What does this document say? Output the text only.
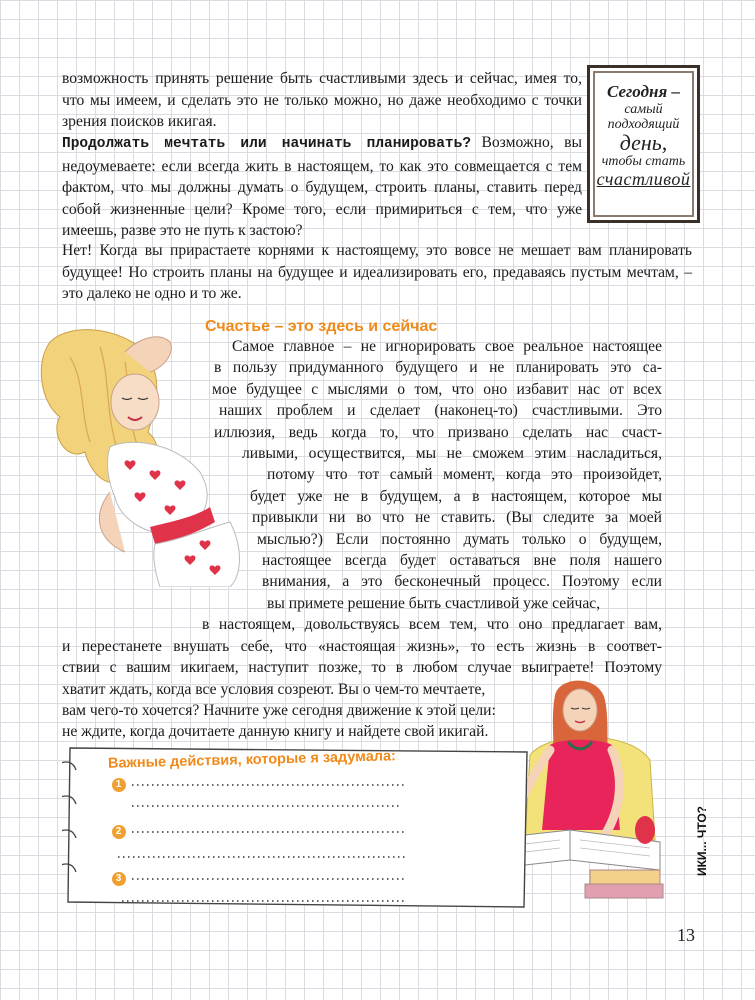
возможность принять решение быть счастливыми здесь и сейчас, имея то, что мы имеем, и сделать это не только можно, но даже необходимо с точки зрения поисков икигая.

Продолжать мечтать или начинать планировать? Возможно, вы недоумеваете: если всегда жить в настоящем, то как это совмещается с тем фактом, что мы должны думать о будущем, строить планы, ставить перед собой жизненные цели? Кроме того, если примириться с тем, что уже имеешь, разве это не путь к застою?

Нет! Когда вы прирастаете корнями к настоящему, это вовсе не мешает вам планировать будущее! Но строить планы на будущее и идеализировать его, предаваясь пустым мечтам, – это далеко не одно и то же.

Сегодня –
самый подходящий
день,
чтобы стать
счастливой
Счастье – это здесь и сейчас
Самое главное – не игнорировать свое реальное настоящее
в пользу придуманного будущего и не планировать это са-
мое будущее с мыслями о том, что оно избавит нас от всех
наших проблем и сделает (наконец-то) счастливыми. Это
иллюзия, ведь когда то, что призвано сделать нас счаст-
ливыми, осуществится, мы не сможем этим насладиться,
потому что тот самый момент, когда это произойдет,
будет уже не в будущем, а в настоящем, которое мы
привыкли ни во что не ставить. (Вы следите за моей
мыслью?) Если постоянно думать только о будущем,
настоящее всегда будет оставаться вне поля нашего
внимания, а это бесконечный процесс. Поэтому если
вы примете решение быть счастливой уже сейчас,
в настоящем, довольствуясь всем тем, что оно предлагает вам,
и перестанете внушать себе, что «настоящая жизнь», то есть жизнь в соответ-
ствии с вашим икигаем, наступит позже, то в любом случае выиграете! Поэтому
хватит ждать, когда все условия созреют. Вы о чем-то мечтаете,
вам чего-то хочется? Начните уже сегодня движение к этой цели:
не ждите, когда дочитаете данную книгу и найдете свой икигай.
Важные действия, которые я задумала:
1
2
3
ИКИ... ЧТО?
13
